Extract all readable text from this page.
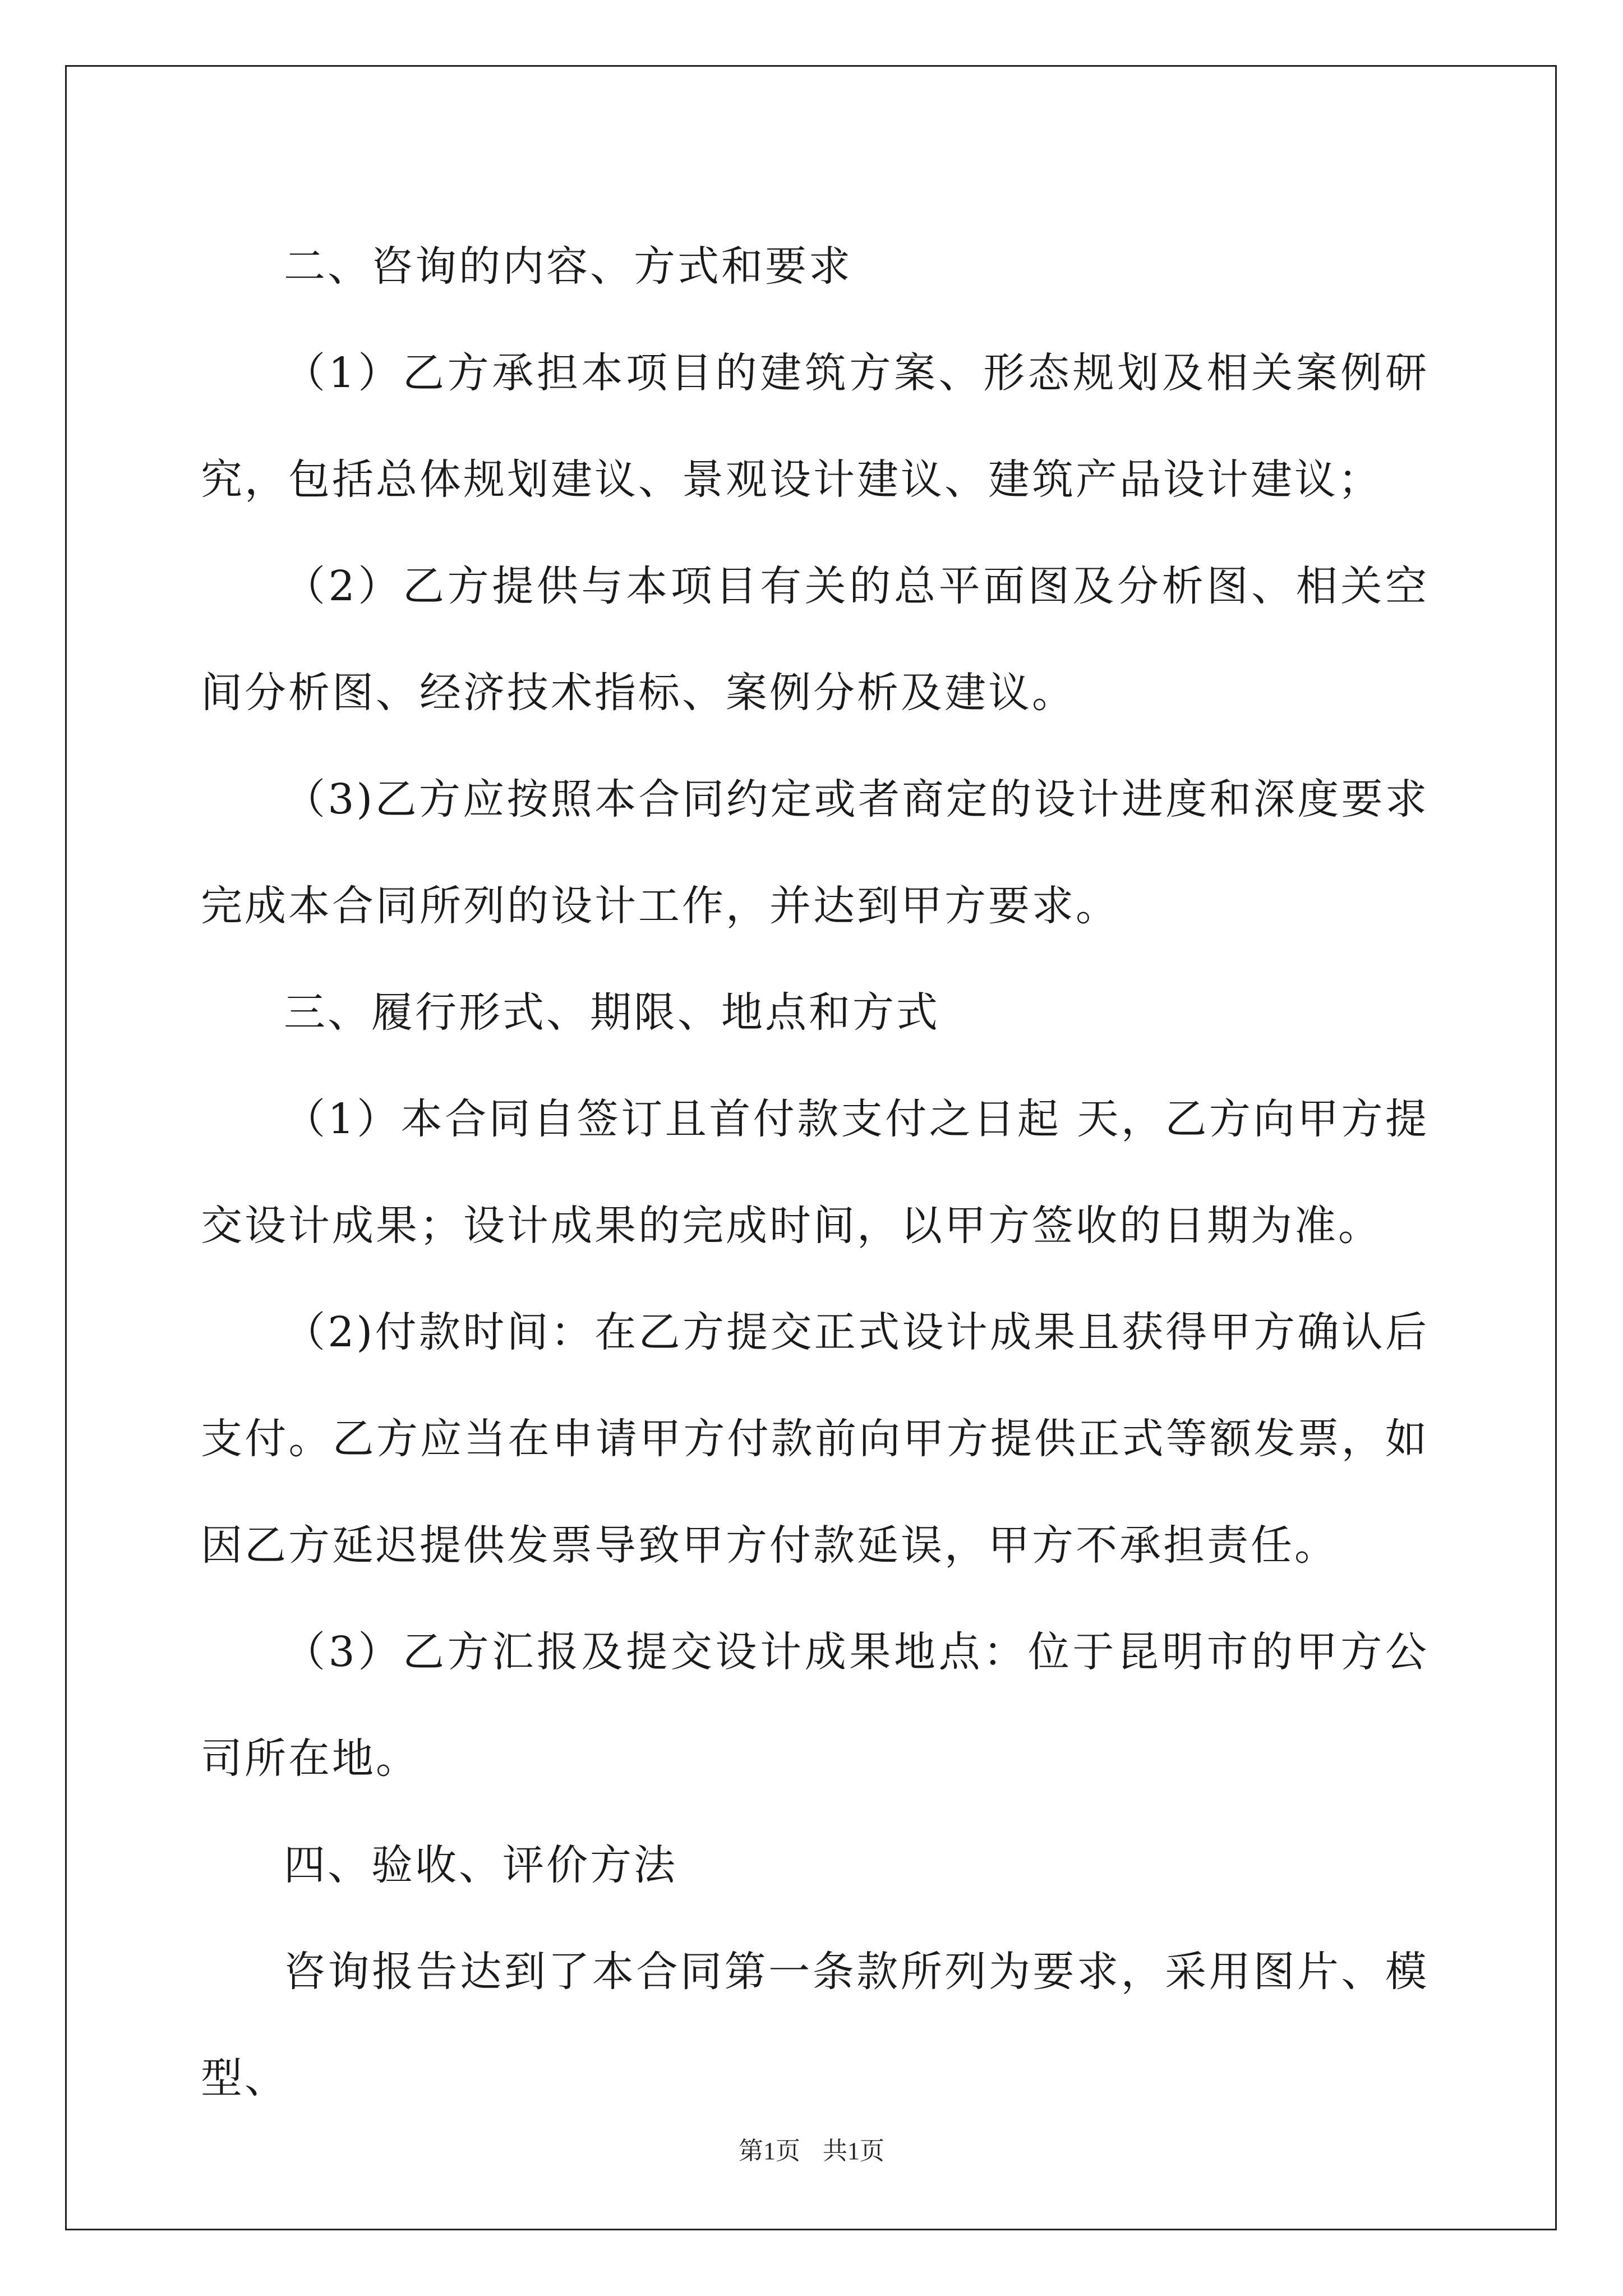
二、咨询的内容、方式和要求

（1）乙方承担本项目的建筑方案、形态规划及相关案例研究，包括总体规划建议、景观设计建议、建筑产品设计建议；

（2）乙方提供与本项目有关的总平面图及分析图、相关空间分析图、经济技术指标、案例分析及建议。

（3)乙方应按照本合同约定或者商定的设计进度和深度要求完成本合同所列的设计工作，并达到甲方要求。

三、履行形式、期限、地点和方式

（1）本合同自签订且首付款支付之日起 天，乙方向甲方提交设计成果；设计成果的完成时间，以甲方签收的日期为准。

（2)付款时间：在乙方提交正式设计成果且获得甲方确认后支付。乙方应当在申请甲方付款前向甲方提供正式等额发票，如因乙方延迟提供发票导致甲方付款延误，甲方不承担责任。

（3）乙方汇报及提交设计成果地点：位于昆明市的甲方公司所在地。

四、验收、评价方法

咨询报告达到了本合同第一条款所列为要求，采用图片、模型、

第1页 共1页
